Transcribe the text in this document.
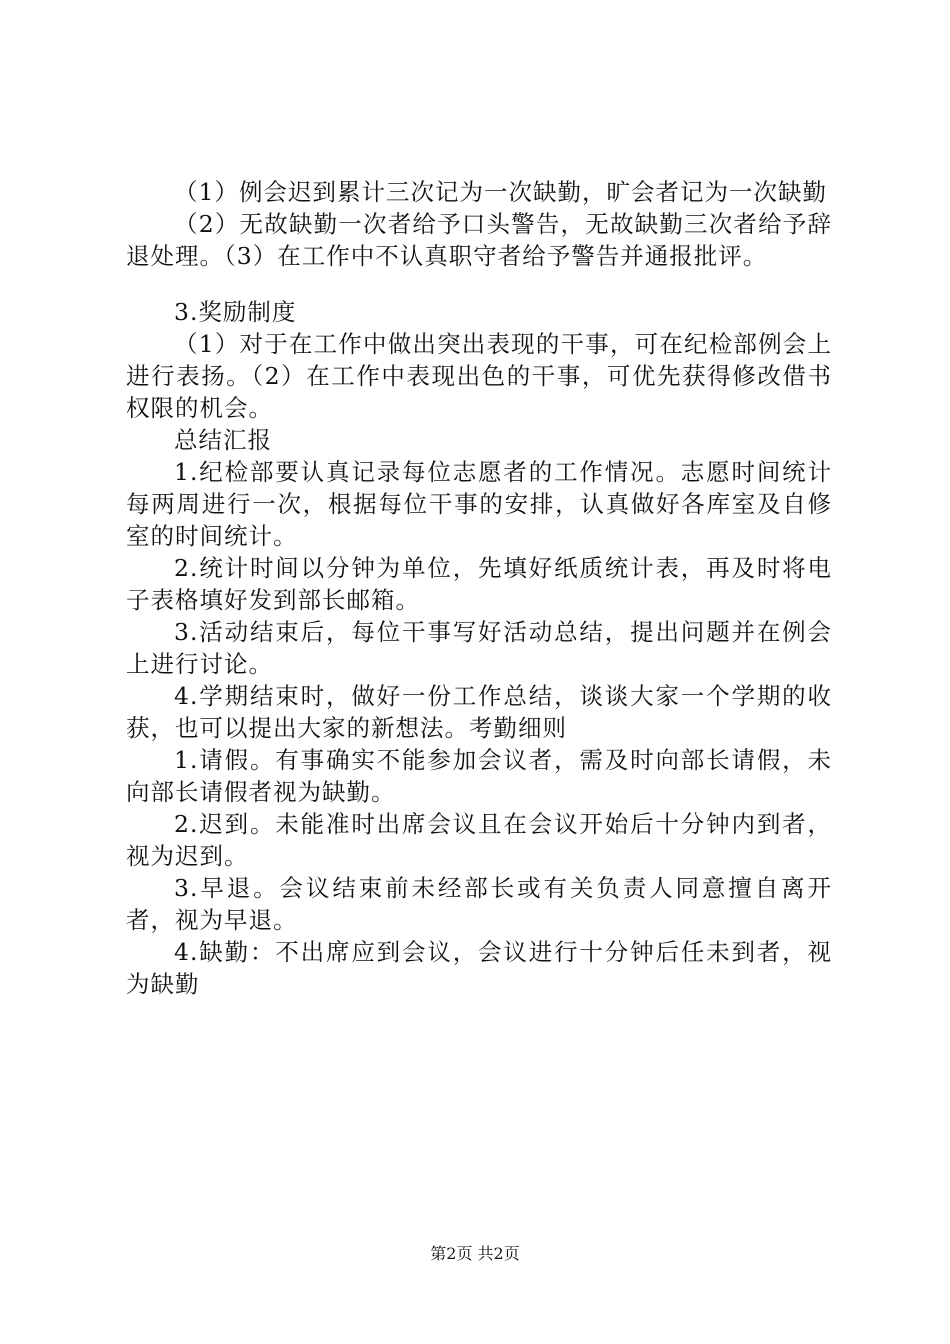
（1）例会迟到累计三次记为一次缺勤，旷会者记为一次缺勤

（2）无故缺勤一次者给予口头警告，无故缺勤三次者给予辞退处理。（3）在工作中不认真职守者给予警告并通报批评。

3.奖励制度

（1）对于在工作中做出突出表现的干事，可在纪检部例会上进行表扬。（2）在工作中表现出色的干事，可优先获得修改借书权限的机会。

总结汇报

1.纪检部要认真记录每位志愿者的工作情况。志愿时间统计每两周进行一次，根据每位干事的安排，认真做好各库室及自修室的时间统计。

2.统计时间以分钟为单位，先填好纸质统计表，再及时将电子表格填好发到部长邮箱。

3.活动结束后，每位干事写好活动总结，提出问题并在例会上进行讨论。

4.学期结束时，做好一份工作总结，谈谈大家一个学期的收获，也可以提出大家的新想法。考勤细则

1.请假。有事确实不能参加会议者，需及时向部长请假，未向部长请假者视为缺勤。

2.迟到。未能准时出席会议且在会议开始后十分钟内到者，视为迟到。

3.早退。会议结束前未经部长或有关负责人同意擅自离开者，视为早退。

4.缺勤：不出席应到会议，会议进行十分钟后任未到者，视为缺勤

第2页 共2页
